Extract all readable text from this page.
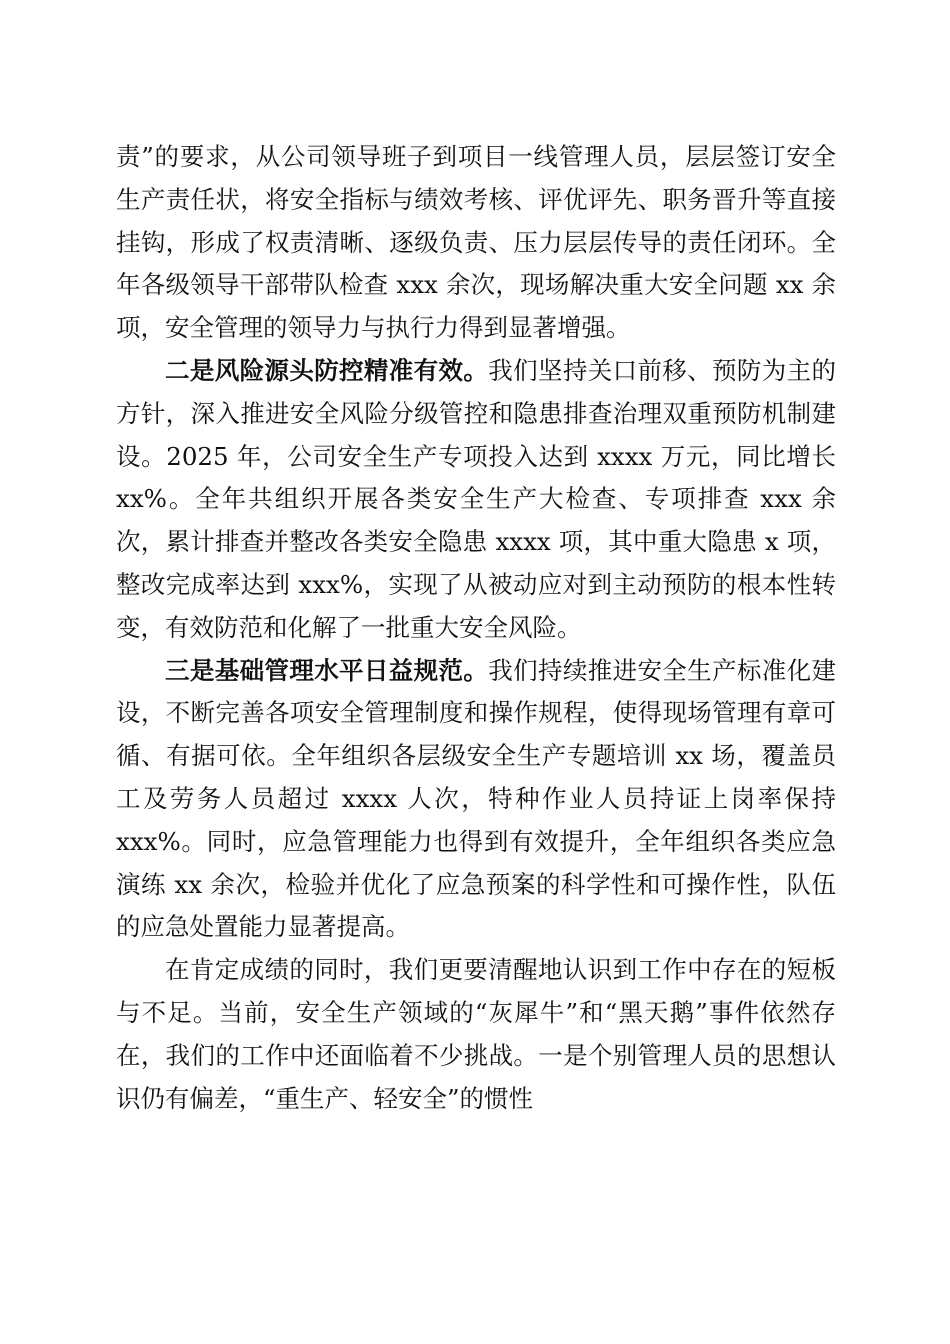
责”的要求，从公司领导班子到项目一线管理人员，层层签订安全生产责任状，将安全指标与绩效考核、评优评先、职务晋升等直接挂钩，形成了权责清晰、逐级负责、压力层层传导的责任闭环。全年各级领导干部带队检查 xxx 余次，现场解决重大安全问题 xx 余项，安全管理的领导力与执行力得到显著增强。

二是风险源头防控精准有效。我们坚持关口前移、预防为主的方针，深入推进安全风险分级管控和隐患排查治理双重预防机制建设。2025 年，公司安全生产专项投入达到 xxxx 万元，同比增长 xx%。全年共组织开展各类安全生产大检查、专项排查 xxx 余次，累计排查并整改各类安全隐患 xxxx 项，其中重大隐患 x 项，整改完成率达到 xxx%，实现了从被动应对到主动预防的根本性转变，有效防范和化解了一批重大安全风险。

三是基础管理水平日益规范。我们持续推进安全生产标准化建设，不断完善各项安全管理制度和操作规程，使得现场管理有章可循、有据可依。全年组织各层级安全生产专题培训 xx 场，覆盖员工及劳务人员超过 xxxx 人次，特种作业人员持证上岗率保持 xxx%。同时，应急管理能力也得到有效提升，全年组织各类应急演练 xx 余次，检验并优化了应急预案的科学性和可操作性，队伍的应急处置能力显著提高。

在肯定成绩的同时，我们更要清醒地认识到工作中存在的短板与不足。当前，安全生产领域的“灰犀牛”和“黑天鹅”事件依然存在，我们的工作中还面临着不少挑战。一是个别管理人员的思想认识仍有偏差，“重生产、轻安全”的惯性
